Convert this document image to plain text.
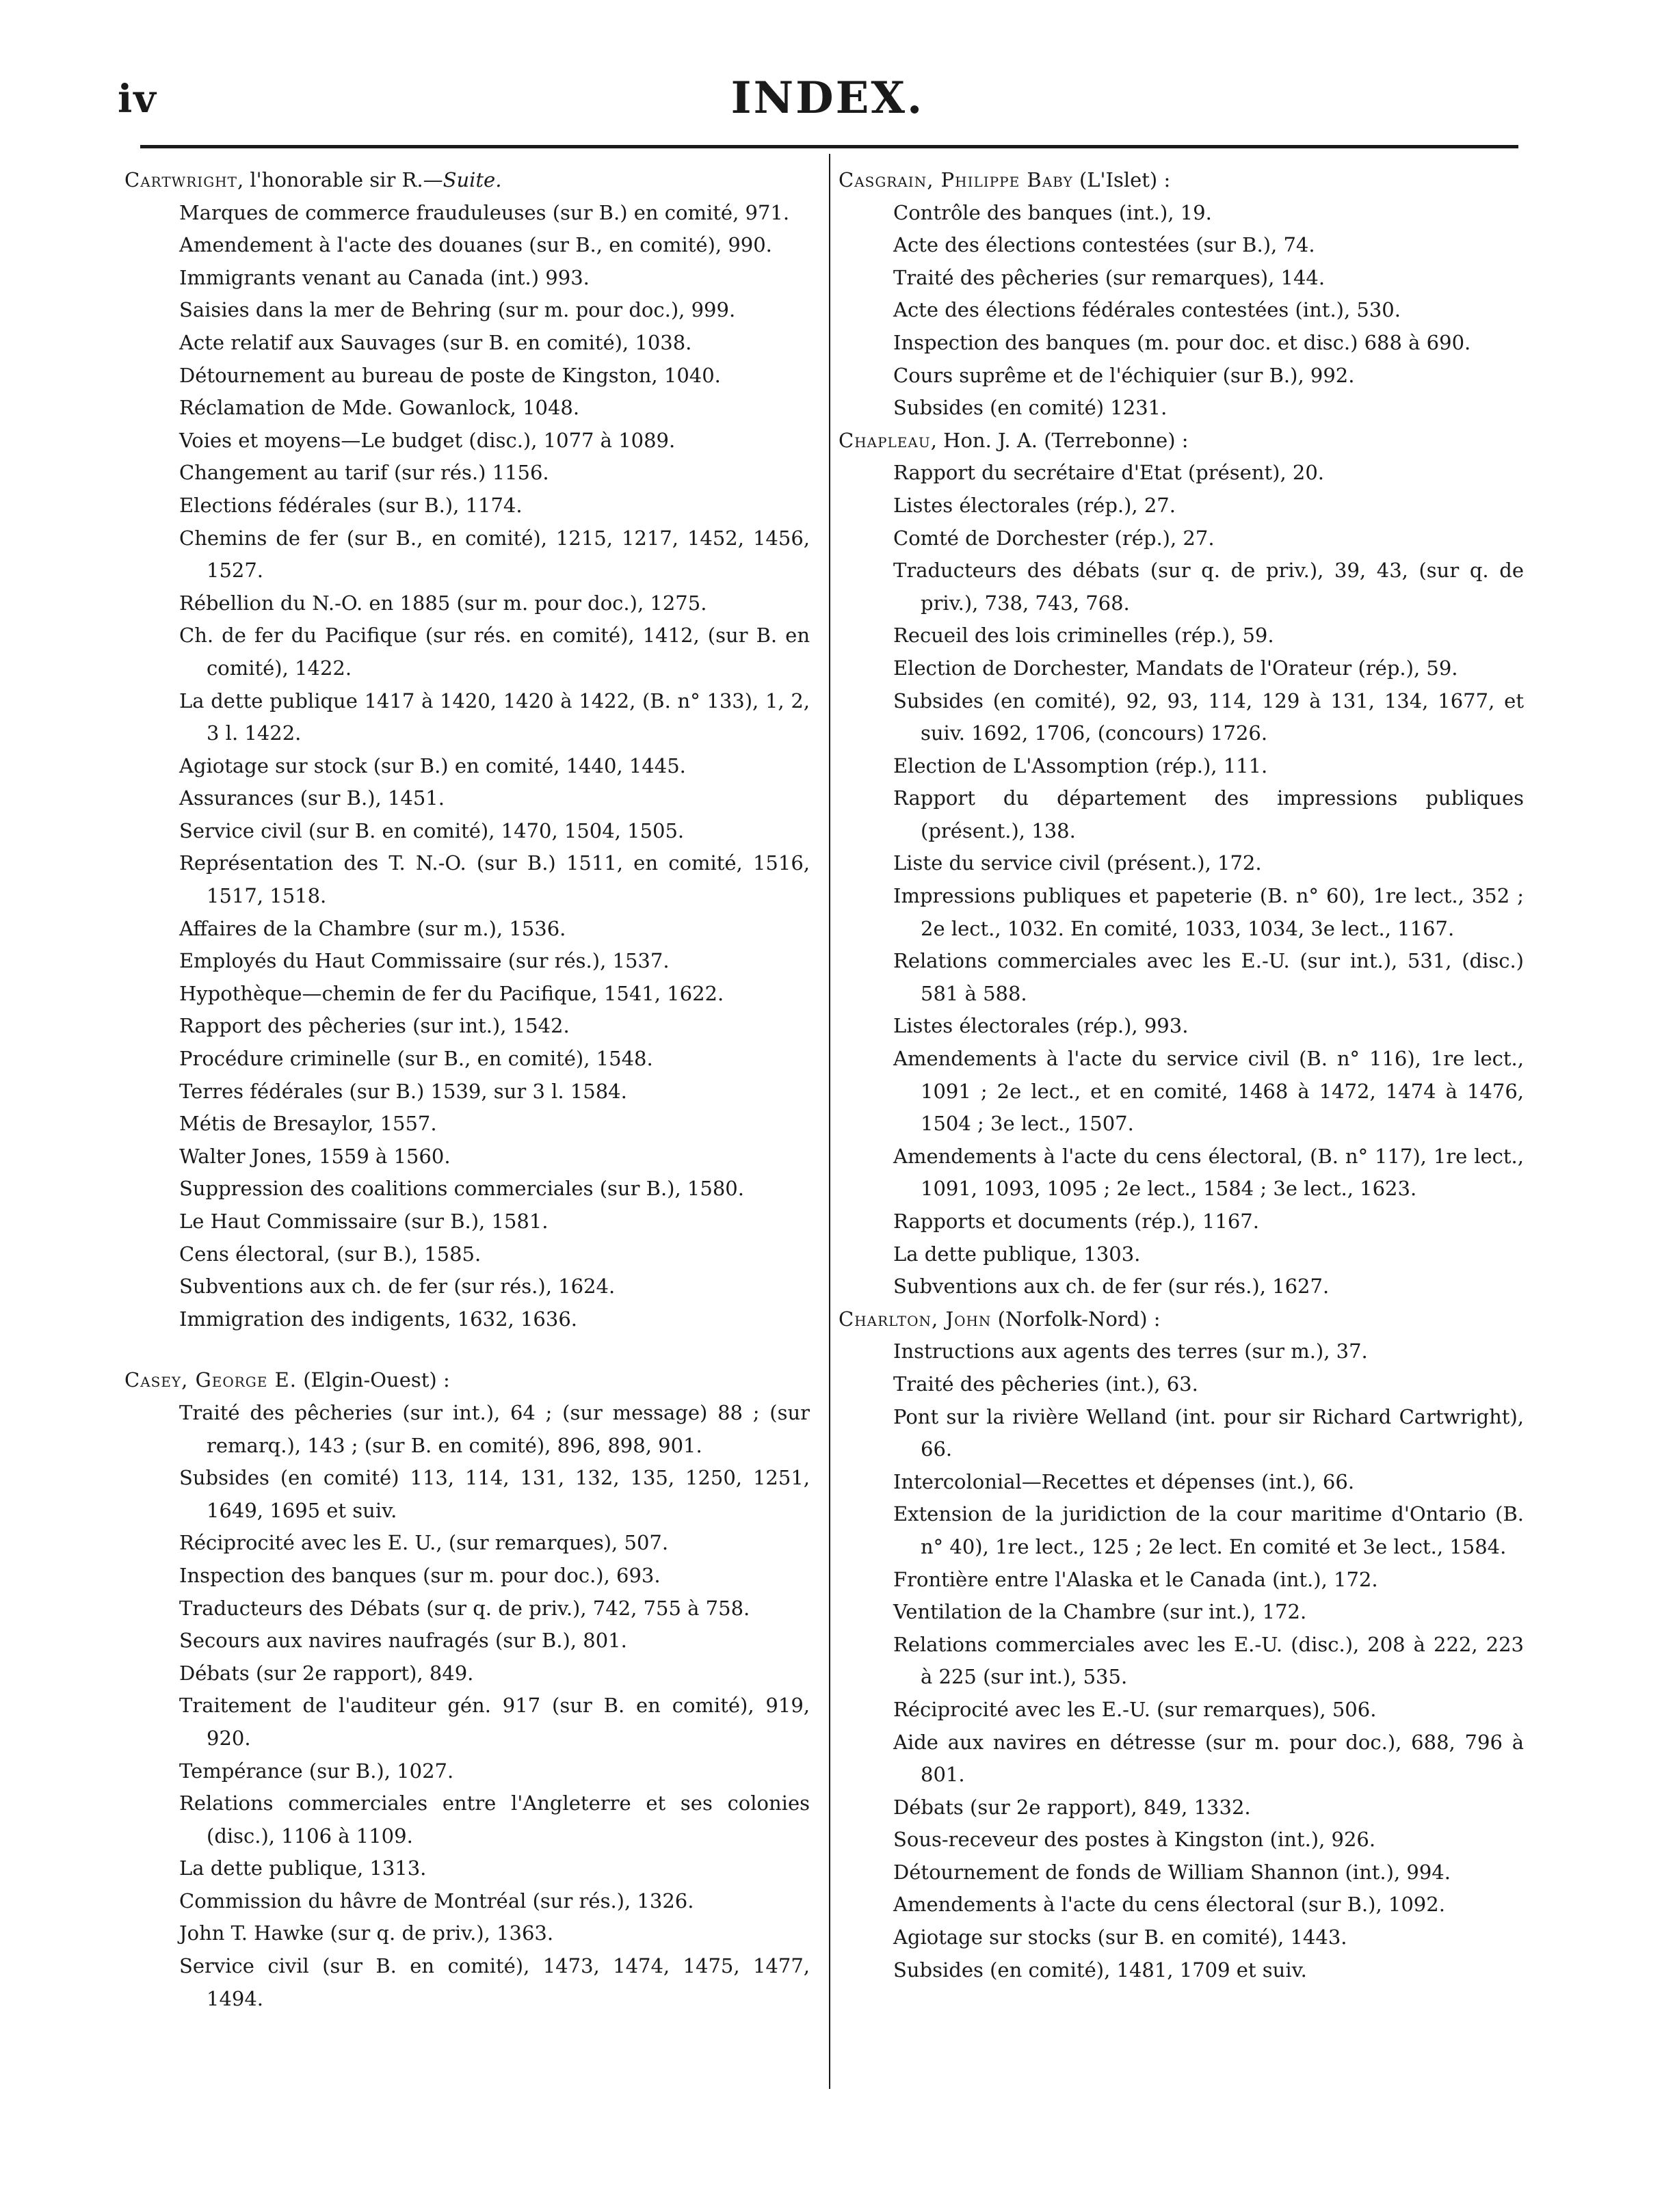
iv	INDEX.

Cartwright, l'honorable sir R.—Suite.

Marques de commerce frauduleuses (sur B.) en comité, 971.

Amendement à l'acte des douanes (sur B., en comité), 990.

Immigrants venant au Canada (int.) 993.

Saisies dans la mer de Behring (sur m. pour doc.), 999.

Acte relatif aux Sauvages (sur B. en comité), 1038.

Détournement au bureau de poste de Kingston, 1040.

Réclamation de Mde. Gowanlock, 1048.

Voies et moyens—Le budget (disc.), 1077 à 1089.

Changement au tarif (sur rés.) 1156.

Elections fédérales (sur B.), 1174.

Chemins de fer (sur B., en comité), 1215, 1217, 1452, 1456, 1527.

Rébellion du N.-O. en 1885 (sur m. pour doc.), 1275.

Ch. de fer du Pacifique (sur rés. en comité), 1412, (sur B. en comité), 1422.

La dette publique 1417 à 1420, 1420 à 1422, (B. n° 133), 1, 2, 3 l. 1422.

Agiotage sur stock (sur B.) en comité, 1440, 1445.

Assurances (sur B.), 1451.

Service civil (sur B. en comité), 1470, 1504, 1505.

Représentation des T. N.-O. (sur B.) 1511, en comité, 1516, 1517, 1518.

Affaires de la Chambre (sur m.), 1536.

Employés du Haut Commissaire (sur rés.), 1537.

Hypothèque—chemin de fer du Pacifique, 1541, 1622.

Rapport des pêcheries (sur int.), 1542.

Procédure criminelle (sur B., en comité), 1548.

Terres fédérales (sur B.) 1539, sur 3 l. 1584.

Métis de Bresaylor, 1557.

Walter Jones, 1559 à 1560.

Suppression des coalitions commerciales (sur B.), 1580.

Le Haut Commissaire (sur B.), 1581.

Cens électoral, (sur B.), 1585.

Subventions aux ch. de fer (sur rés.), 1624.

Immigration des indigents, 1632, 1636.

Casey, George E. (Elgin-Ouest) :

Traité des pêcheries (sur int.), 64 ; (sur message) 88 ; (sur remarq.), 143 ; (sur B. en comité), 896, 898, 901.

Subsides (en comité) 113, 114, 131, 132, 135, 1250, 1251, 1649, 1695 et suiv.

Réciprocité avec les E. U., (sur remarques), 507.

Inspection des banques (sur m. pour doc.), 693.

Traducteurs des Débats (sur q. de priv.), 742, 755 à 758.

Secours aux navires naufragés (sur B.), 801.

Débats (sur 2e rapport), 849.

Traitement de l'auditeur gén. 917 (sur B. en comité), 919, 920.

Tempérance (sur B.), 1027.

Relations commerciales entre l'Angleterre et ses colonies (disc.), 1106 à 1109.

La dette publique, 1313.

Commission du hâvre de Montréal (sur rés.), 1326.

John T. Hawke (sur q. de priv.), 1363.

Service civil (sur B. en comité), 1473, 1474, 1475, 1477, 1494.

Casgrain, Philippe Baby (L'Islet) :

Contrôle des banques (int.), 19.

Acte des élections contestées (sur B.), 74.

Traité des pêcheries (sur remarques), 144.

Acte des élections fédérales contestées (int.), 530.

Inspection des banques (m. pour doc. et disc.) 688 à 690.

Cours suprême et de l'échiquier (sur B.), 992.

Subsides (en comité) 1231.

Chapleau, Hon. J. A. (Terrebonne) :

Rapport du secrétaire d'Etat (présent), 20.

Listes électorales (rép.), 27.

Comté de Dorchester (rép.), 27.

Traducteurs des débats (sur q. de priv.), 39, 43, (sur q. de priv.), 738, 743, 768.

Recueil des lois criminelles (rép.), 59.

Election de Dorchester, Mandats de l'Orateur (rép.), 59.

Subsides (en comité), 92, 93, 114, 129 à 131, 134, 1677, et suiv. 1692, 1706, (concours) 1726.

Election de L'Assomption (rép.), 111.

Rapport du département des impressions publiques (présent.), 138.

Liste du service civil (présent.), 172.

Impressions publiques et papeterie (B. n° 60), 1re lect., 352 ; 2e lect., 1032. En comité, 1033, 1034, 3e lect., 1167.

Relations commerciales avec les E.-U. (sur int.), 531, (disc.) 581 à 588.

Listes électorales (rép.), 993.

Amendements à l'acte du service civil (B. n° 116), 1re lect., 1091 ; 2e lect., et en comité, 1468 à 1472, 1474 à 1476, 1504 ; 3e lect., 1507.

Amendements à l'acte du cens électoral, (B. n° 117), 1re lect., 1091, 1093, 1095 ; 2e lect., 1584 ; 3e lect., 1623.

Rapports et documents (rép.), 1167.

La dette publique, 1303.

Subventions aux ch. de fer (sur rés.), 1627.

Charlton, John (Norfolk-Nord) :

Instructions aux agents des terres (sur m.), 37.

Traité des pêcheries (int.), 63.

Pont sur la rivière Welland (int. pour sir Richard Cartwright), 66.

Intercolonial—Recettes et dépenses (int.), 66.

Extension de la juridiction de la cour maritime d'Ontario (B. n° 40), 1re lect., 125 ; 2e lect. En comité et 3e lect., 1584.

Frontière entre l'Alaska et le Canada (int.), 172.

Ventilation de la Chambre (sur int.), 172.

Relations commerciales avec les E.-U. (disc.), 208 à 222, 223 à 225 (sur int.), 535.

Réciprocité avec les E.-U. (sur remarques), 506.

Aide aux navires en détresse (sur m. pour doc.), 688, 796 à 801.

Débats (sur 2e rapport), 849, 1332.

Sous-receveur des postes à Kingston (int.), 926.

Détournement de fonds de William Shannon (int.), 994.

Amendements à l'acte du cens électoral (sur B.), 1092.

Agiotage sur stocks (sur B. en comité), 1443.

Subsides (en comité), 1481, 1709 et suiv.
